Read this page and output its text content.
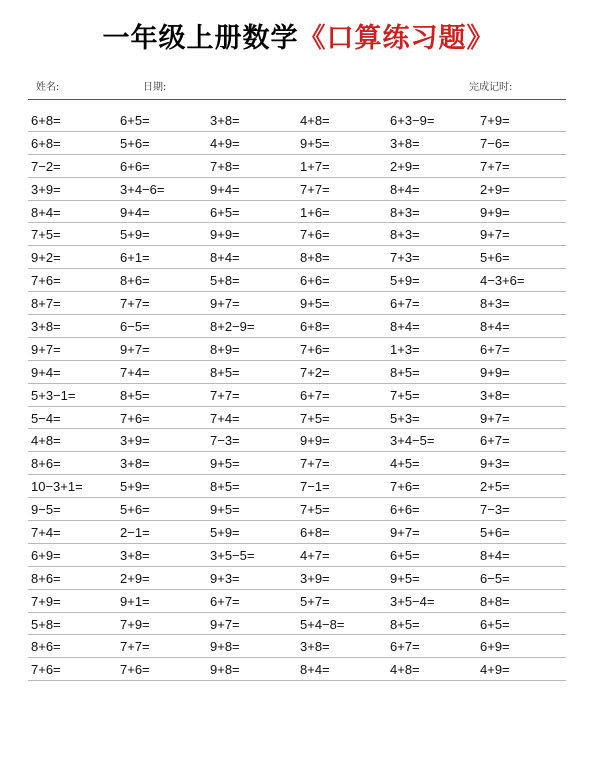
一年级上册数学《口算练习题》
姓名:	日期:	完成记时:
6+8=	6+5=	3+8=	4+8=	6+3−9=	7+9=
6+8=	5+6=	4+9=	9+5=	3+8=	7−6=
7−2=	6+6=	7+8=	1+7=	2+9=	7+7=
3+9=	3+4−6=	9+4=	7+7=	8+4=	2+9=
8+4=	9+4=	6+5=	1+6=	8+3=	9+9=
7+5=	5+9=	9+9=	7+6=	8+3=	9+7=
9+2=	6+1=	8+4=	8+8=	7+3=	5+6=
7+6=	8+6=	5+8=	6+6=	5+9=	4−3+6=
8+7=	7+7=	9+7=	9+5=	6+7=	8+3=
3+8=	6−5=	8+2−9=	6+8=	8+4=	8+4=
9+7=	9+7=	8+9=	7+6=	1+3=	6+7=
9+4=	7+4=	8+5=	7+2=	8+5=	9+9=
5+3−1=	8+5=	7+7=	6+7=	7+5=	3+8=
5−4=	7+6=	7+4=	7+5=	5+3=	9+7=
4+8=	3+9=	7−3=	9+9=	3+4−5=	6+7=
8+6=	3+8=	9+5=	7+7=	4+5=	9+3=
10−3+1=	5+9=	8+5=	7−1=	7+6=	2+5=
9−5=	5+6=	9+5=	7+5=	6+6=	7−3=
7+4=	2−1=	5+9=	6+8=	9+7=	5+6=
6+9=	3+8=	3+5−5=	4+7=	6+5=	8+4=
8+6=	2+9=	9+3=	3+9=	9+5=	6−5=
7+9=	9+1=	6+7=	5+7=	3+5−4=	8+8=
5+8=	7+9=	9+7=	5+4−8=	8+5=	6+5=
8+6=	7+7=	9+8=	3+8=	6+7=	6+9=
7+6=	7+6=	9+8=	8+4=	4+8=	4+9=
